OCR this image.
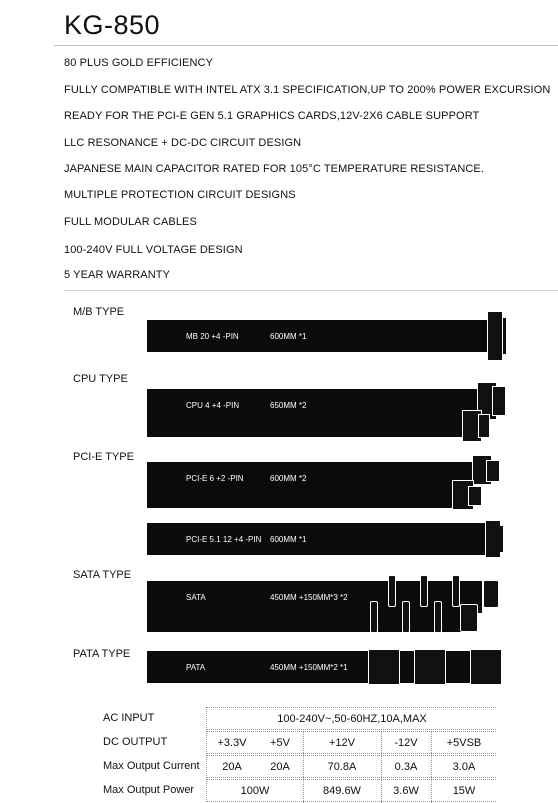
KG-850
80 PLUS GOLD EFFICIENCY
FULLY COMPATIBLE WITH INTEL ATX 3.1 SPECIFICATION,UP TO 200% POWER EXCURSION
READY FOR THE PCI-E GEN 5.1 GRAPHICS CARDS,12V-2X6 CABLE SUPPORT
LLC RESONANCE + DC-DC CIRCUIT DESIGN
JAPANESE MAIN CAPACITOR RATED FOR 105°C TEMPERATURE RESISTANCE.
MULTIPLE PROTECTION CIRCUIT DESIGNS
FULL MODULAR CABLES
100-240V FULL VOLTAGE DESIGN
5 YEAR WARRANTY
M/B TYPE
MB 20 +4 -PIN	600MM *1
CPU TYPE
CPU 4 +4 -PIN	650MM *2
PCI-E TYPE
PCI-E 6 +2 -PIN	600MM *2
PCI-E 5.1 12 +4 -PIN 600MM *1
SATA TYPE
SATA	450MM +150MM*3 *2
PATA TYPE
PATA	450MM +150MM*2 *1
AC INPUT	100-240V~,50-60HZ,10A,MAX
DC OUTPUT	+3.3V	+5V	+12V	-12V	+5VSB
Max Output Current	20A	20A	70.8A	0.3A	3.0A
Max Output Power	100W	849.6W	3.6W	15W
